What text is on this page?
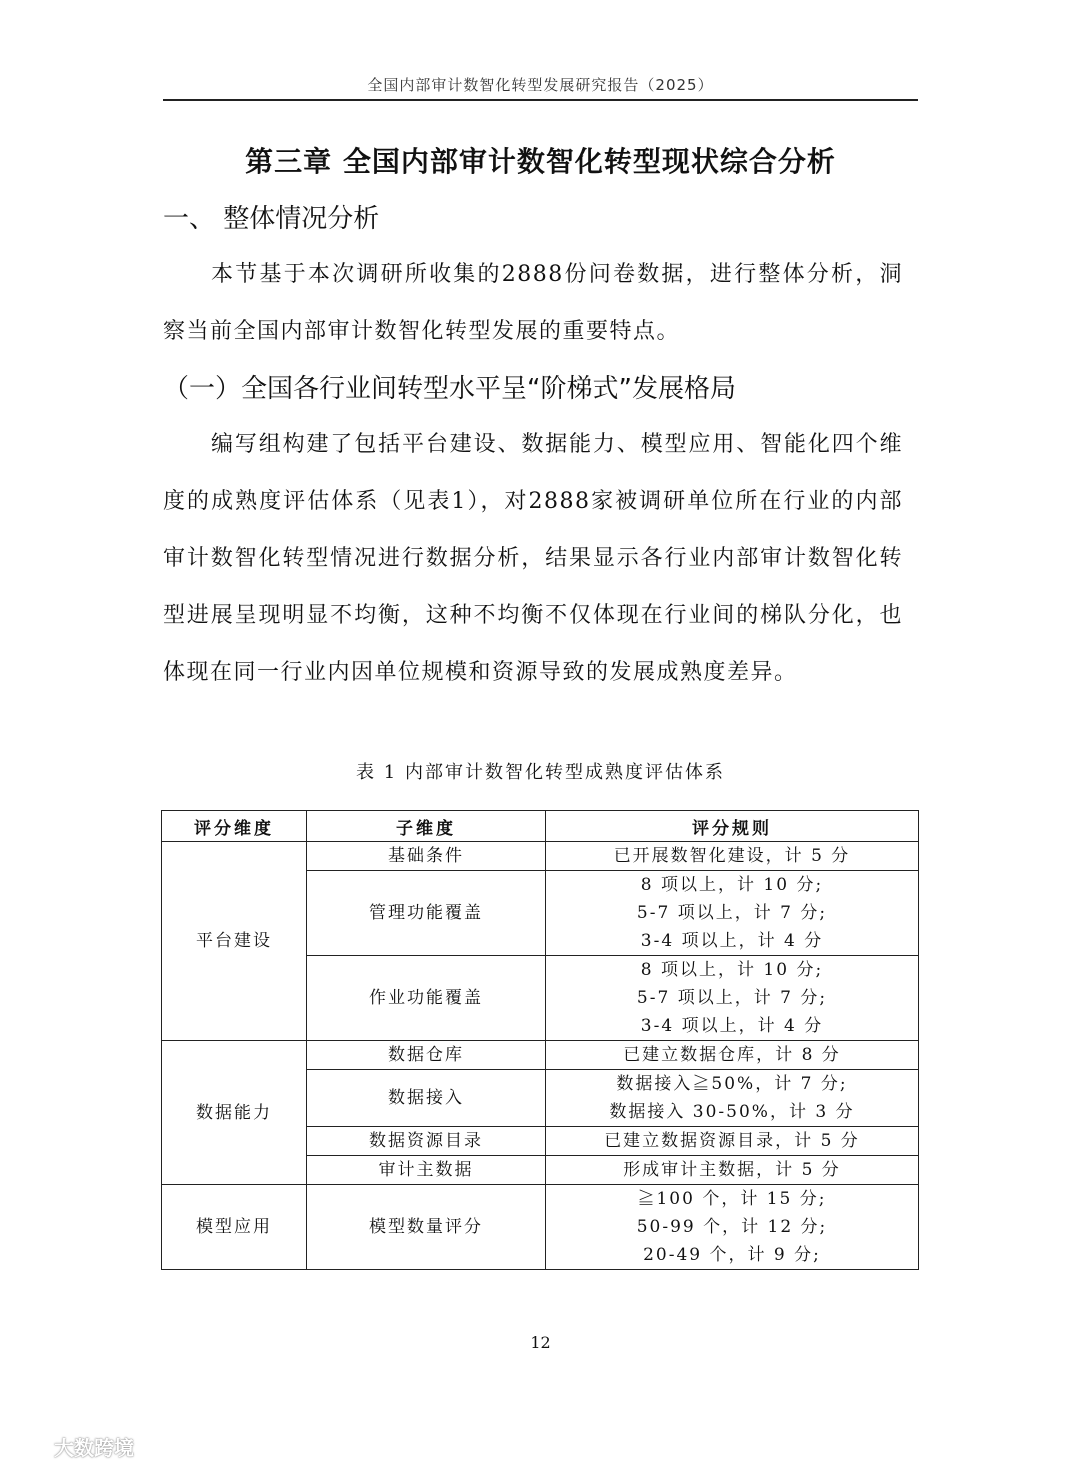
全国内部审计数智化转型发展研究报告（2025）
第三章 全国内部审计数智化转型现状综合分析
一、 整体情况分析
本节基于本次调研所收集的2888份问卷数据，进行整体分析，洞察当前全国内部审计数智化转型发展的重要特点。
（一）全国各行业间转型水平呈“阶梯式”发展格局
编写组构建了包括平台建设、数据能力、模型应用、智能化四个维度的成熟度评估体系（见表1），对2888家被调研单位所在行业的内部审计数智化转型情况进行数据分析，结果显示各行业内部审计数智化转型进展呈现明显不均衡，这种不均衡不仅体现在行业间的梯队分化，也体现在同一行业内因单位规模和资源导致的发展成熟度差异。
表 1 内部审计数智化转型成熟度评估体系
评分维度	子维度	评分规则
平台建设	基础条件	已开展数智化建设，计 5 分

	管理功能覆盖	8 项以上，计 10 分;
5-7 项以上，计 7 分;
3-4 项以上，计 4 分

	作业功能覆盖	8 项以上，计 10 分;
5-7 项以上，计 7 分;
3-4 项以上，计 4 分

数据能力	数据仓库	已建立数据仓库，计 8 分

	数据接入	数据接入≧50%，计 7 分;
数据接入 30-50%，计 3 分

	数据资源目录	已建立数据资源目录，计 5 分

	审计主数据	形成审计主数据，计 5 分

模型应用	模型数量评分	≧100 个，计 15 分;
50-99 个，计 12 分;
20-49 个，计 9 分;
12
大数跨境
